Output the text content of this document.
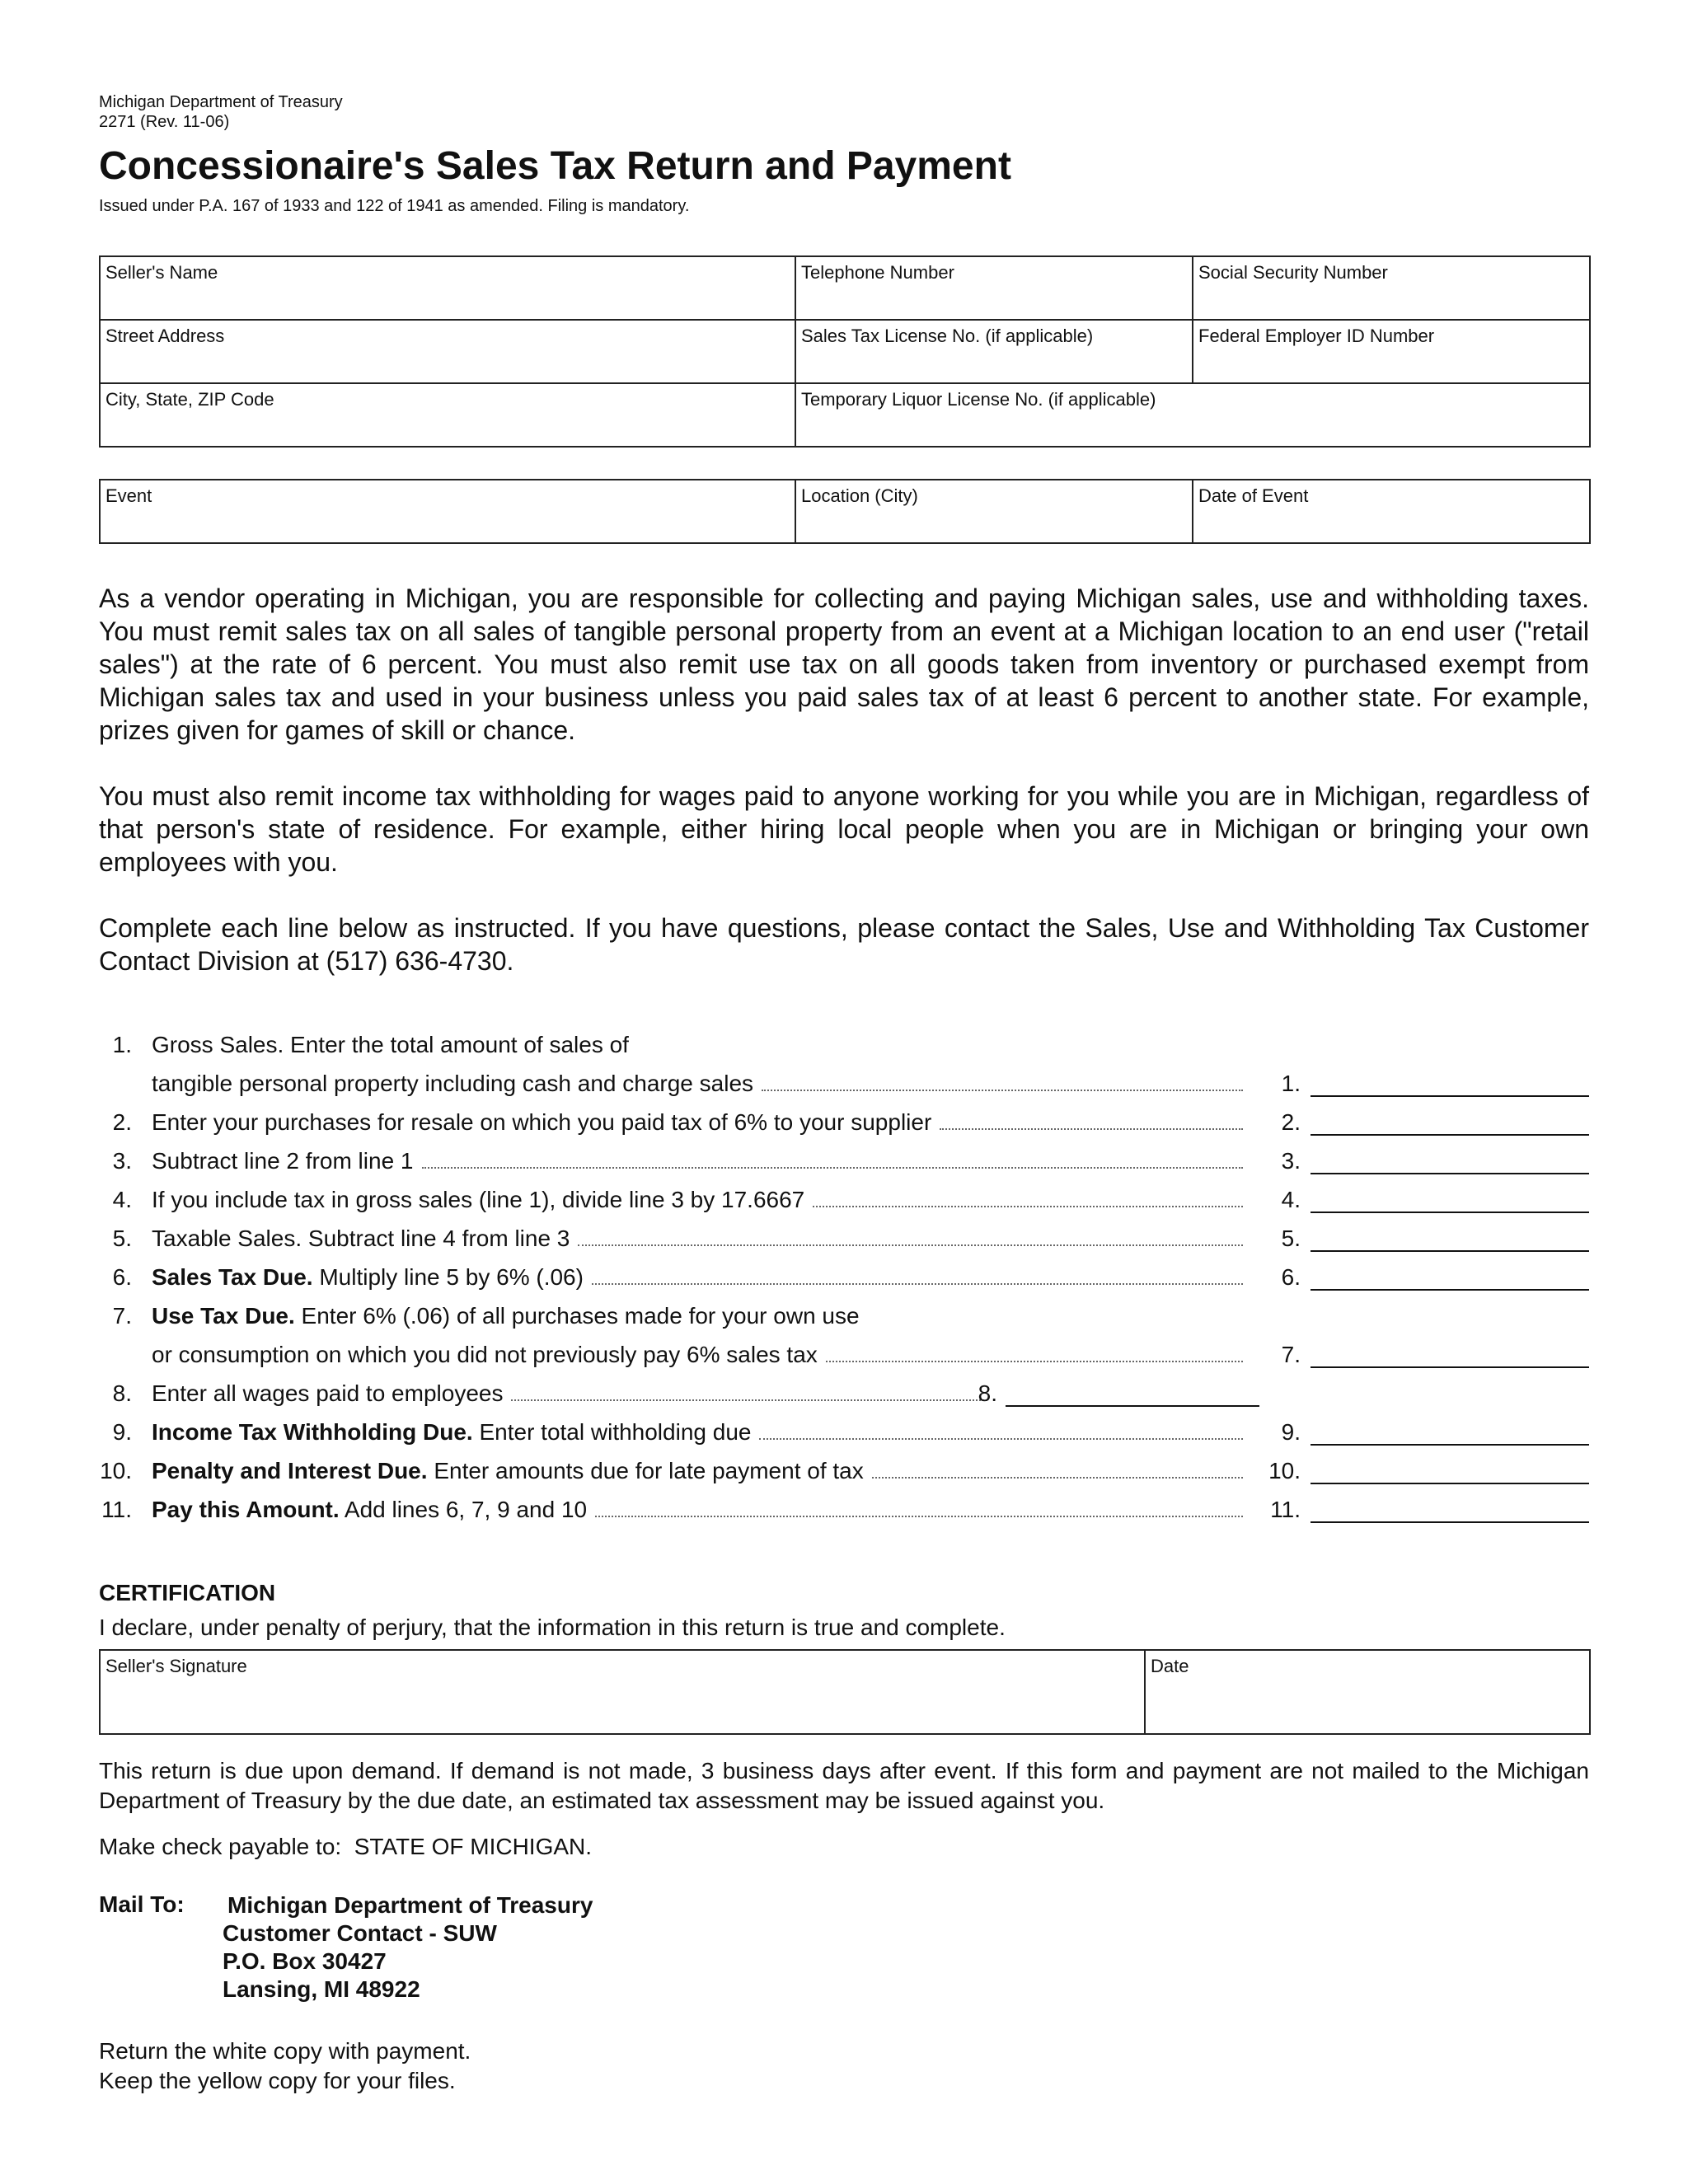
Michigan Department of Treasury
2271 (Rev. 11-06)
Concessionaire's Sales Tax Return and Payment
Issued under P.A. 167 of 1933 and 122 of 1941 as amended. Filing is mandatory.
Seller's Name	Telephone Number	Social Security Number

Street Address	Sales Tax License No. (if applicable)	Federal Employer ID Number

City, State, ZIP Code	Temporary Liquor License No. (if applicable)	
Event	Location (City)	Date of Event

As a vendor operating in Michigan, you are responsible for collecting and paying Michigan sales, use and withholding taxes. You must remit sales tax on all sales of tangible personal property from an event at a Michigan location to an end user ("retail sales") at the rate of 6 percent. You must also remit use tax on all goods taken from inventory or purchased exempt from Michigan sales tax and used in your business unless you paid sales tax of at least 6 percent to another state. For example, prizes given for games of skill or chance.

You must also remit income tax withholding for wages paid to anyone working for you while you are in Michigan, regardless of that person's state of residence. For example, either hiring local people when you are in Michigan or bringing your own employees with you.

Complete each line below as instructed. If you have questions, please contact the Sales, Use and Withholding Tax Customer Contact Division at (517) 636-4730.

1. Gross Sales. Enter the total amount of sales of
tangible personal property including cash and charge sales	1.
2. Enter your purchases for resale on which you paid tax of 6% to your supplier	2.
3. Subtract line 2 from line 1	3.
4. If you include tax in gross sales (line 1), divide line 3 by 17.6667	4.
5. Taxable Sales. Subtract line 4 from line 3	5.
6. Sales Tax Due. Multiply line 5 by 6% (.06)	6.
7. Use Tax Due. Enter 6% (.06) of all purchases made for your own use
or consumption on which you did not previously pay 6% sales tax	7.
8. Enter all wages paid to employees	8.
9. Income Tax Withholding Due. Enter total withholding due	9.
10. Penalty and Interest Due. Enter amounts due for late payment of tax	10.
11. Pay this Amount. Add lines 6, 7, 9 and 10	11.
CERTIFICATION
I declare, under penalty of perjury, that the information in this return is true and complete.
Seller's Signature	Date
This return is due upon demand. If demand is not made, 3 business days after event. If this form and payment are not mailed to the Michigan Department of Treasury by the due date, an estimated tax assessment may be issued against you.
Make check payable to:  STATE OF MICHIGAN.
Mail To: Michigan Department of Treasury
Customer Contact - SUW
P.O. Box 30427
Lansing, MI 48922
Return the white copy with payment.
Keep the yellow copy for your files.
